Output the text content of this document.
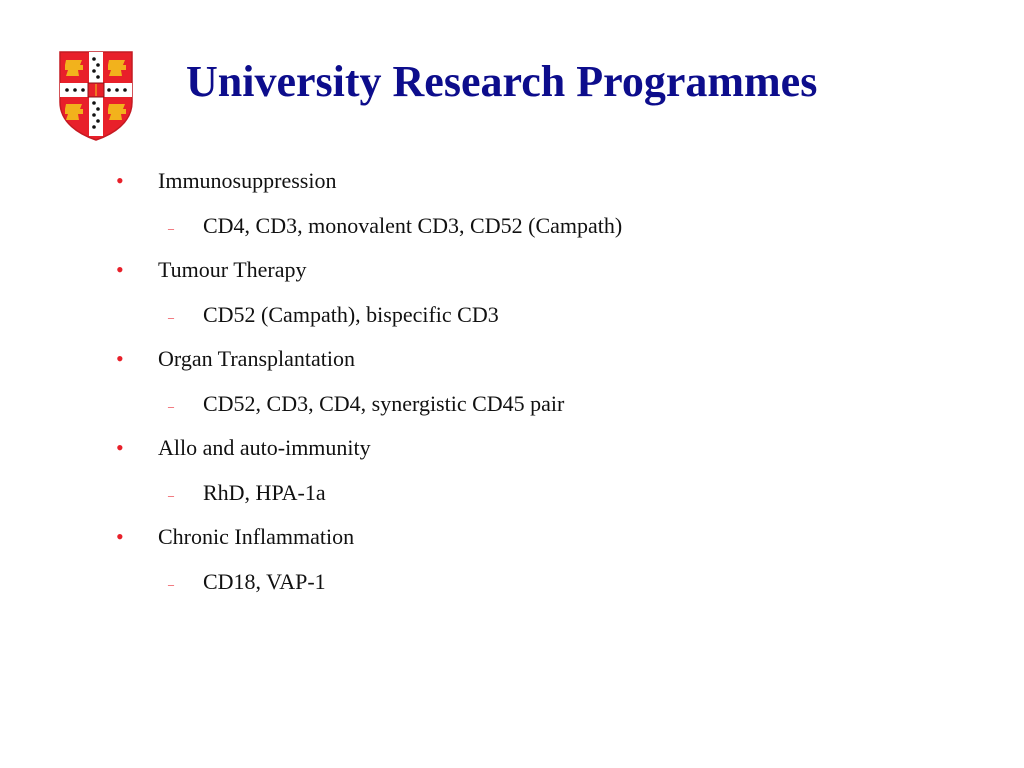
University Research Programmes
•	Immunosuppression
–	CD4, CD3, monovalent CD3, CD52 (Campath)
•	Tumour Therapy
–	CD52 (Campath), bispecific CD3
•	Organ Transplantation
–	CD52, CD3, CD4, synergistic CD45 pair
•	Allo and auto-immunity
–	RhD, HPA-1a
•	Chronic Inflammation
–	CD18, VAP-1
